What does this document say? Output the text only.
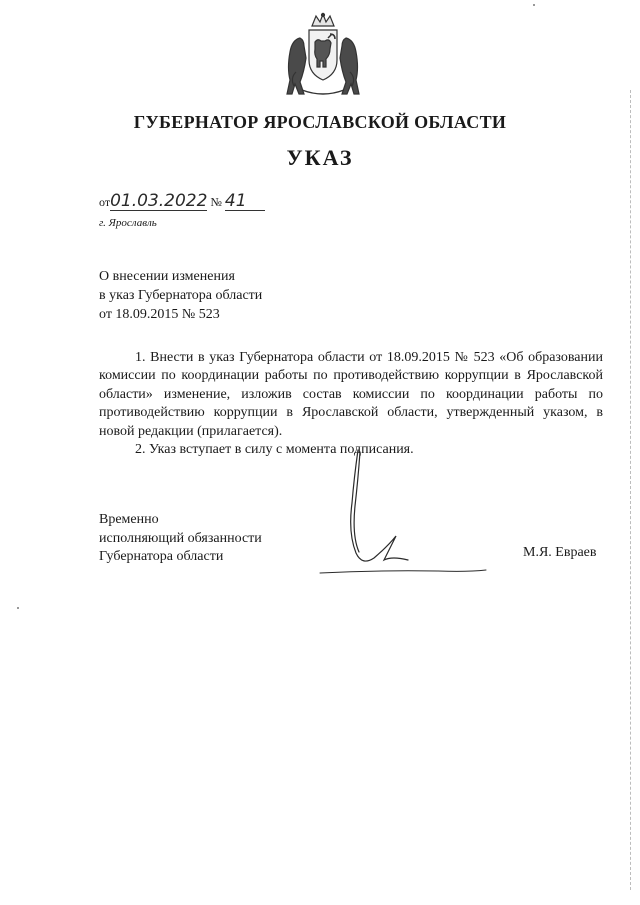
ГУБЕРНАТОР ЯРОСЛАВСКОЙ ОБЛАСТИ
УКАЗ
от01.03.2022 № 41
г. Ярославль
О внесении изменения
в указ Губернатора области
от 18.09.2015 № 523

1. Внести в указ Губернатора области от 18.09.2015 № 523 «Об образовании комиссии по координации работы по противодействию коррупции в Ярославской области» изменение, изложив состав комиссии по координации работы по противодействию коррупции в Ярославской области, утвержденный указом, в новой редакции (прилагается).

2. Указ вступает в силу с момента подписания.

Временно
исполняющий обязанности
Губернатора области	М.Я. Евраев
